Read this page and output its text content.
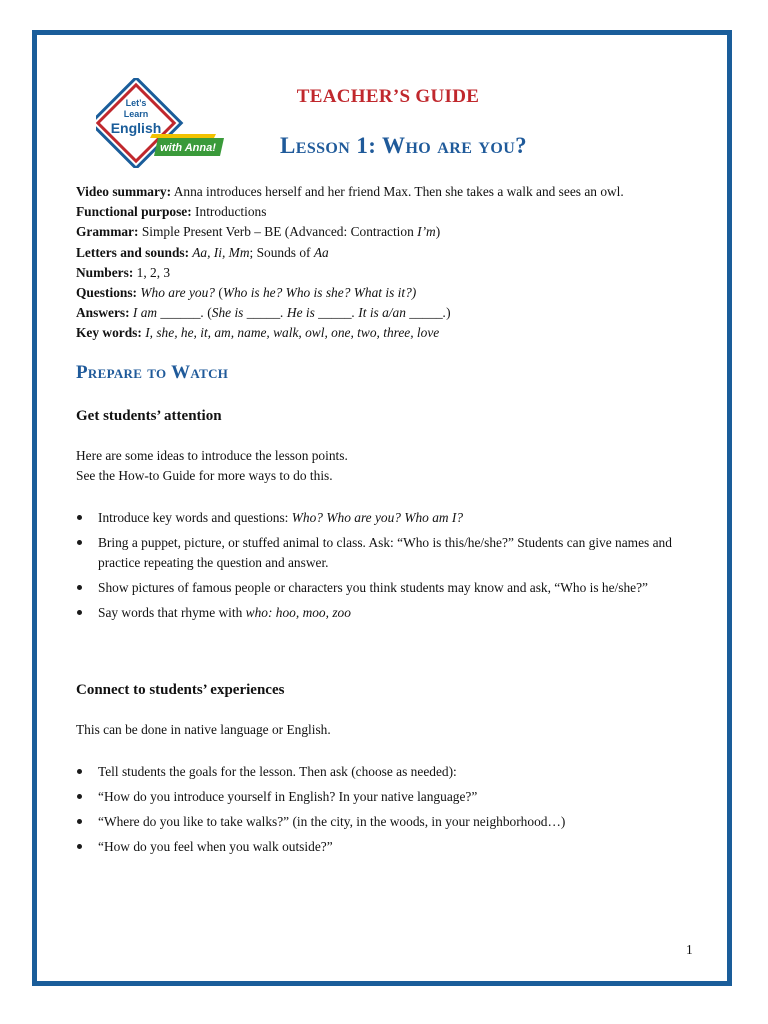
Let’s
Learn
English
with Anna!
TEACHER’S GUIDE
Lesson 1: Who are you?
Video summary: Anna introduces herself and her friend Max. Then she takes a walk and sees an owl.
Functional purpose: Introductions
Grammar: Simple Present Verb – BE (Advanced: Contraction I’m)
Letters and sounds: Aa, Ii, Mm; Sounds of Aa
Numbers: 1, 2, 3
Questions: Who are you? (Who is he? Who is she? What is it?)
Answers: I am ______. (She is _____. He is _____. It is a/an _____.)
Key words: I, she, he, it, am, name, walk, owl, one, two, three, love
Prepare to Watch
Get students’ attention
Here are some ideas to introduce the lesson points.
See the How-to Guide for more ways to do this.
Introduce key words and questions: Who? Who are you? Who am I?
Bring a puppet, picture, or stuffed animal to class. Ask: “Who is this/he/she?” Students can give names and practice repeating the question and answer.
Show pictures of famous people or characters you think students may know and ask, “Who is he/she?”
Say words that rhyme with who: hoo, moo, zoo
Connect to students’ experiences
This can be done in native language or English.
Tell students the goals for the lesson. Then ask (choose as needed):
“How do you introduce yourself in English? In your native language?”
“Where do you like to take walks?” (in the city, in the woods, in your neighborhood…)
“How do you feel when you walk outside?”
1
